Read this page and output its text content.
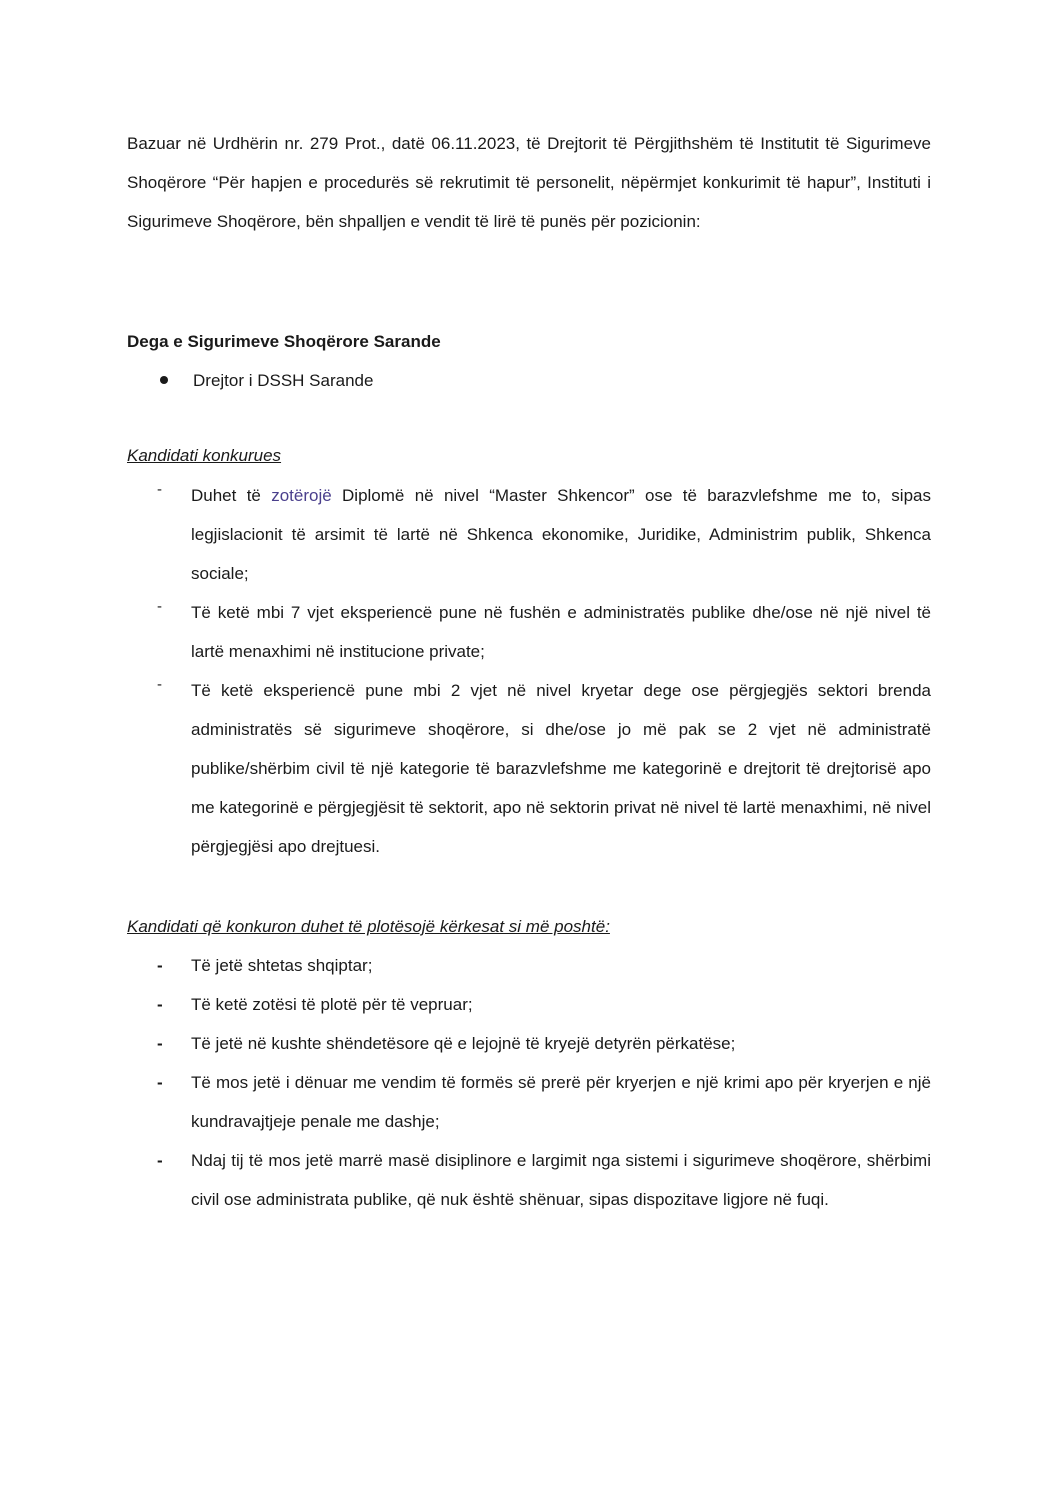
Bazuar në Urdhërin nr. 279 Prot., datë 06.11.2023, të Drejtorit të Përgjithshëm të Institutit të Sigurimeve Shoqërore “Për hapjen e procedurës së rekrutimit të personelit, nëpërmjet konkurimit të hapur”, Instituti i Sigurimeve Shoqërore, bën shpalljen e vendit të lirë të punës për pozicionin:

Dega e Sigurimeve Shoqërore Sarande
Drejtor i DSSH Sarande
Kandidati konkurues
-	Duhet të zotërojë Diplomë në nivel “Master Shkencor” ose të barazvlefshme me to, sipas legjislacionit të arsimit të lartë në Shkenca ekonomike, Juridike, Administrim publik, Shkenca sociale;
-	Të ketë mbi 7 vjet eksperiencë pune në fushën e administratës publike dhe/ose në një nivel të lartë menaxhimi në institucione private;
-	Të ketë eksperiencë pune mbi 2 vjet në nivel kryetar dege ose përgjegjës sektori brenda administratës së sigurimeve shoqërore, si dhe/ose jo më pak se 2 vjet në administratë publike/shërbim civil të një kategorie të barazvlefshme me kategorinë e drejtorit të drejtorisë apo me kategorinë e përgjegjësit të sektorit, apo në sektorin privat në nivel të lartë menaxhimi, në nivel përgjegjësi apo drejtuesi.
Kandidati që konkuron duhet të plotësojë kërkesat si më poshtë:
-	Të jetë shtetas shqiptar;
-	Të ketë zotësi të plotë për të vepruar;
-	Të jetë në kushte shëndetësore që e lejojnë të kryejë detyrën përkatëse;
-	Të mos jetë i dënuar me vendim të formës së prerë për kryerjen e një krimi apo për kryerjen e një kundravajtjeje penale me dashje;
-	Ndaj tij të mos jetë marrë masë disiplinore e largimit nga sistemi i sigurimeve shoqërore, shërbimi civil ose administrata publike, që nuk është shënuar, sipas dispozitave ligjore në fuqi.
